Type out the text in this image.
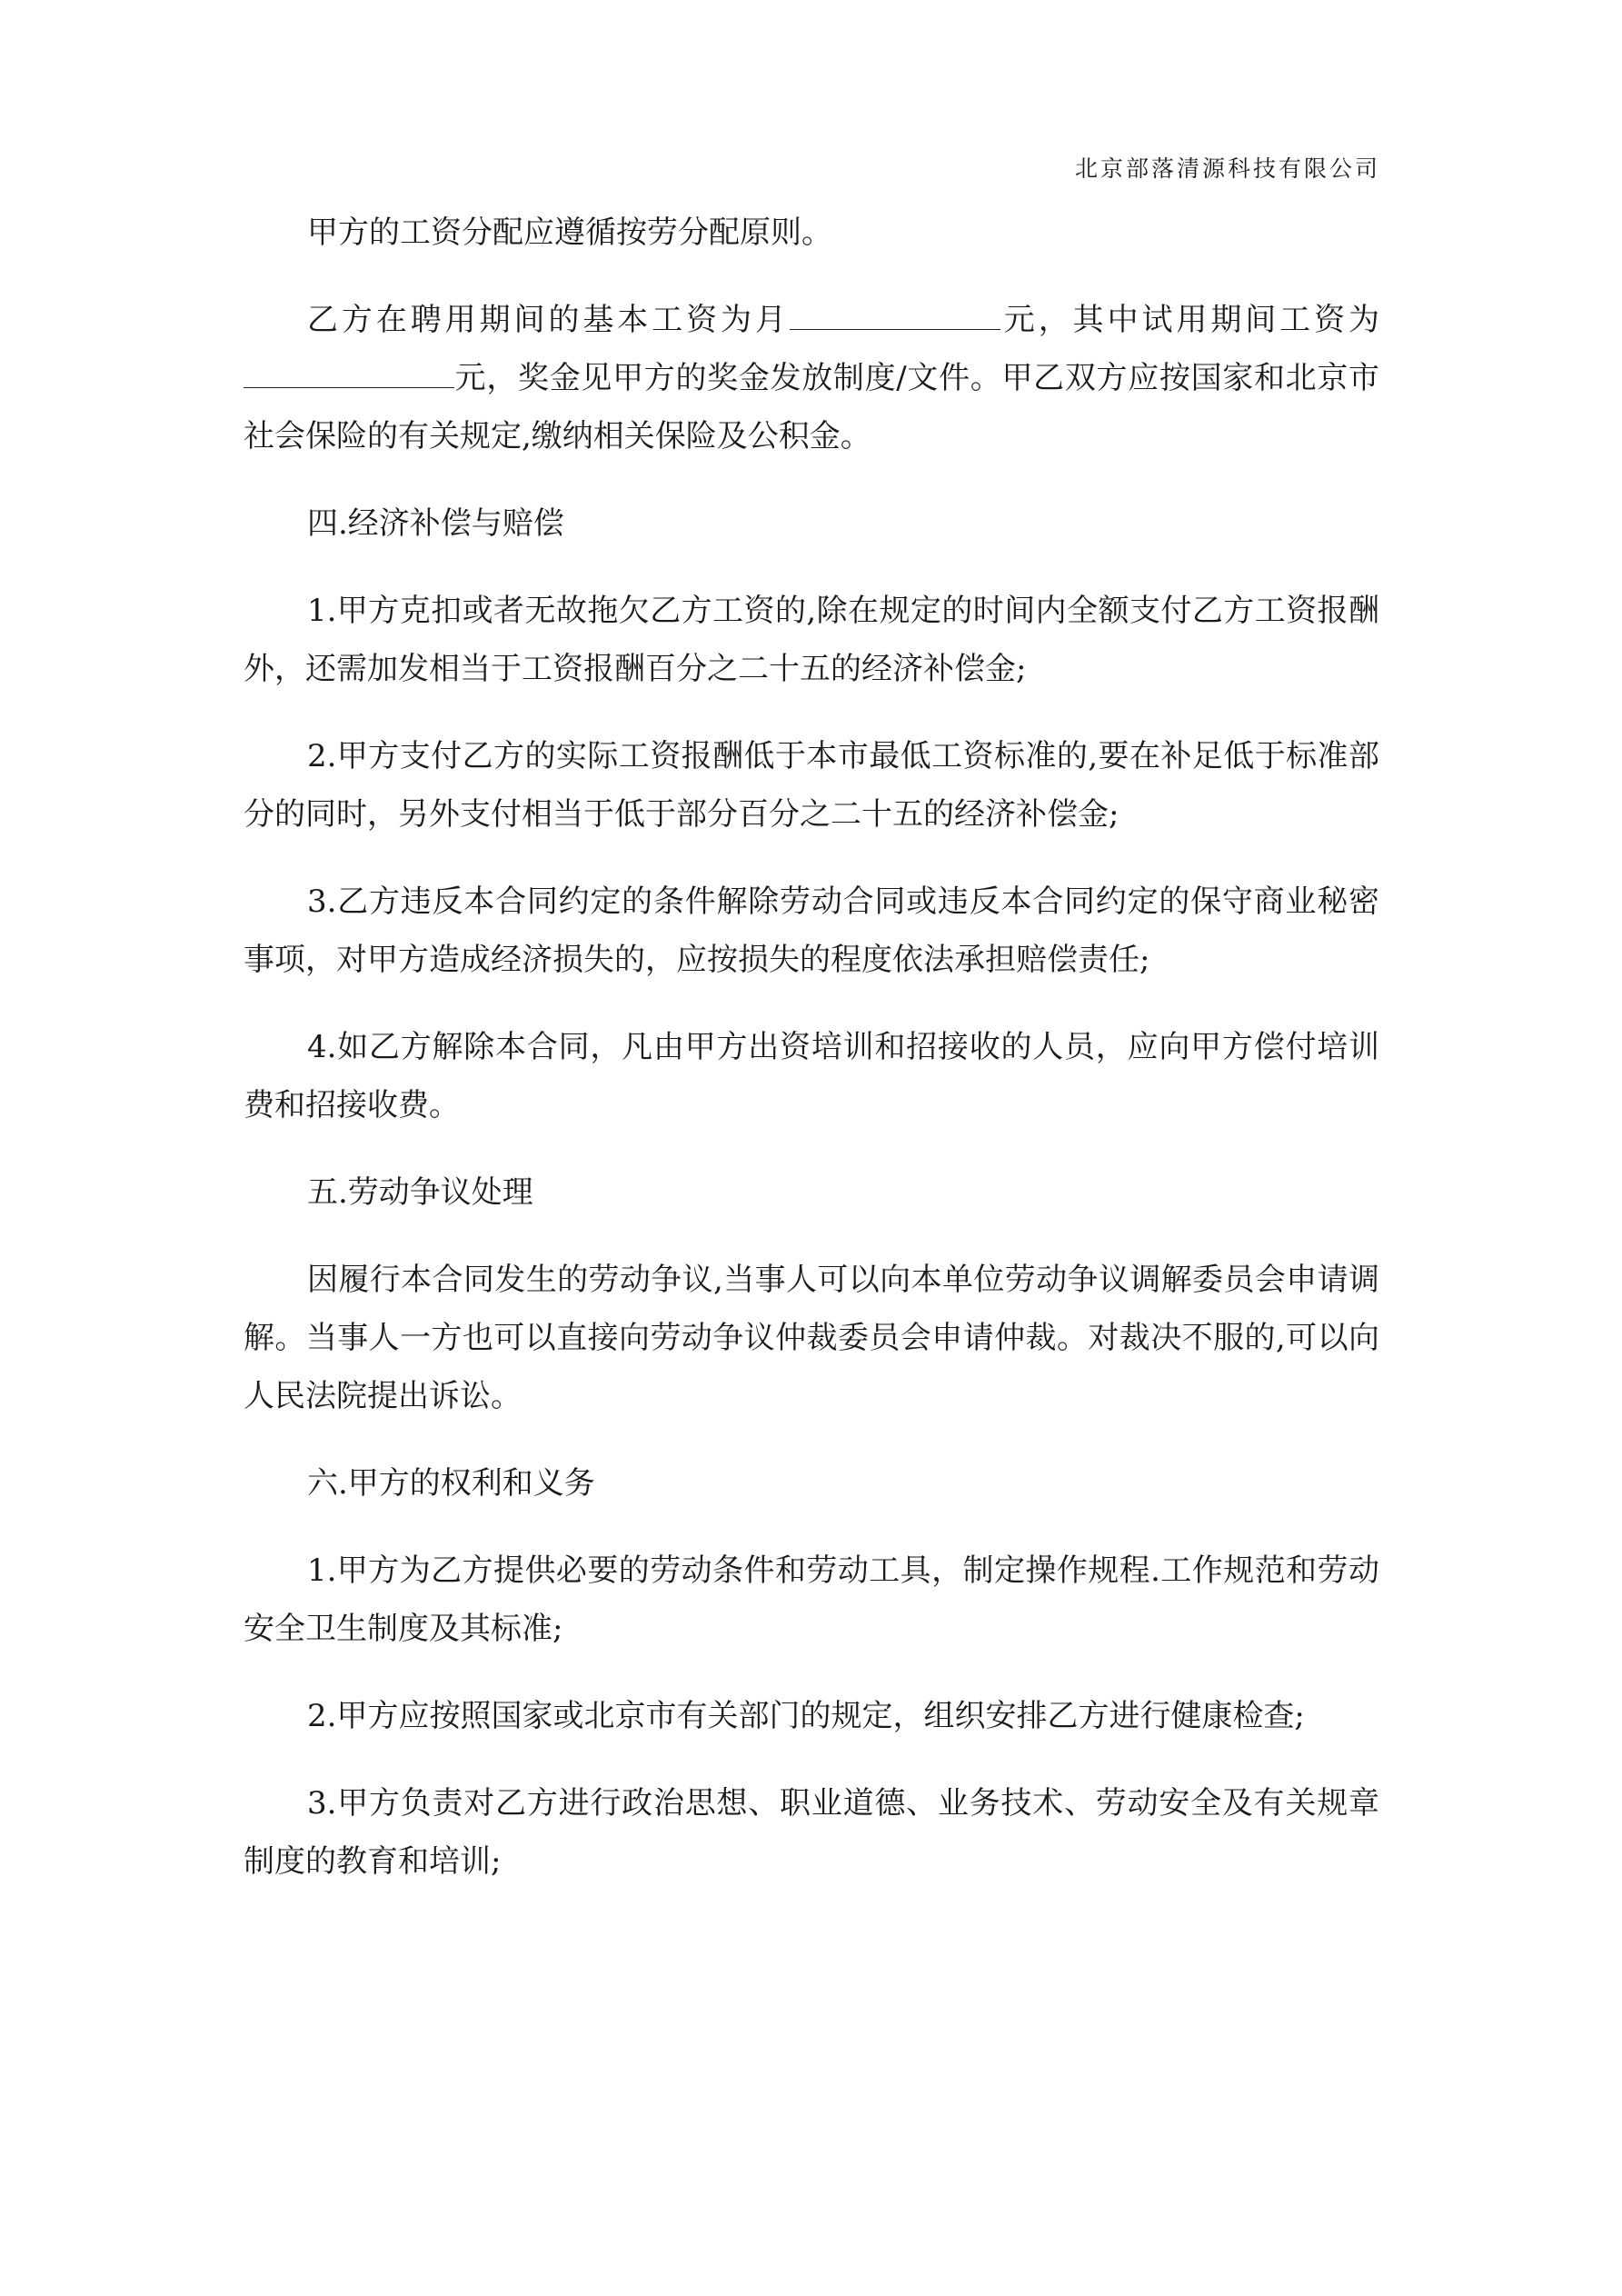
北京部落清源科技有限公司

甲方的工资分配应遵循按劳分配原则。

乙方在聘用期间的基本工资为月	元，其中试用期间工资为元，奖金见甲方的奖金发放制度/文件。甲乙双方应按国家和北京市社会保险的有关规定,缴纳相关保险及公积金。

四.经济补偿与赔偿

1.甲方克扣或者无故拖欠乙方工资的,除在规定的时间内全额支付乙方工资报酬外，还需加发相当于工资报酬百分之二十五的经济补偿金;

2.甲方支付乙方的实际工资报酬低于本市最低工资标准的,要在补足低于标准部分的同时，另外支付相当于低于部分百分之二十五的经济补偿金;

3.乙方违反本合同约定的条件解除劳动合同或违反本合同约定的保守商业秘密事项，对甲方造成经济损失的，应按损失的程度依法承担赔偿责任;

4.如乙方解除本合同，凡由甲方出资培训和招接收的人员，应向甲方偿付培训费和招接收费。

五.劳动争议处理

因履行本合同发生的劳动争议,当事人可以向本单位劳动争议调解委员会申请调解。当事人一方也可以直接向劳动争议仲裁委员会申请仲裁。对裁决不服的,可以向人民法院提出诉讼。

六.甲方的权利和义务

1.甲方为乙方提供必要的劳动条件和劳动工具，制定操作规程.工作规范和劳动安全卫生制度及其标准;

2.甲方应按照国家或北京市有关部门的规定，组织安排乙方进行健康检查;

3.甲方负责对乙方进行政治思想、职业道德、业务技术、劳动安全及有关规章制度的教育和培训;
